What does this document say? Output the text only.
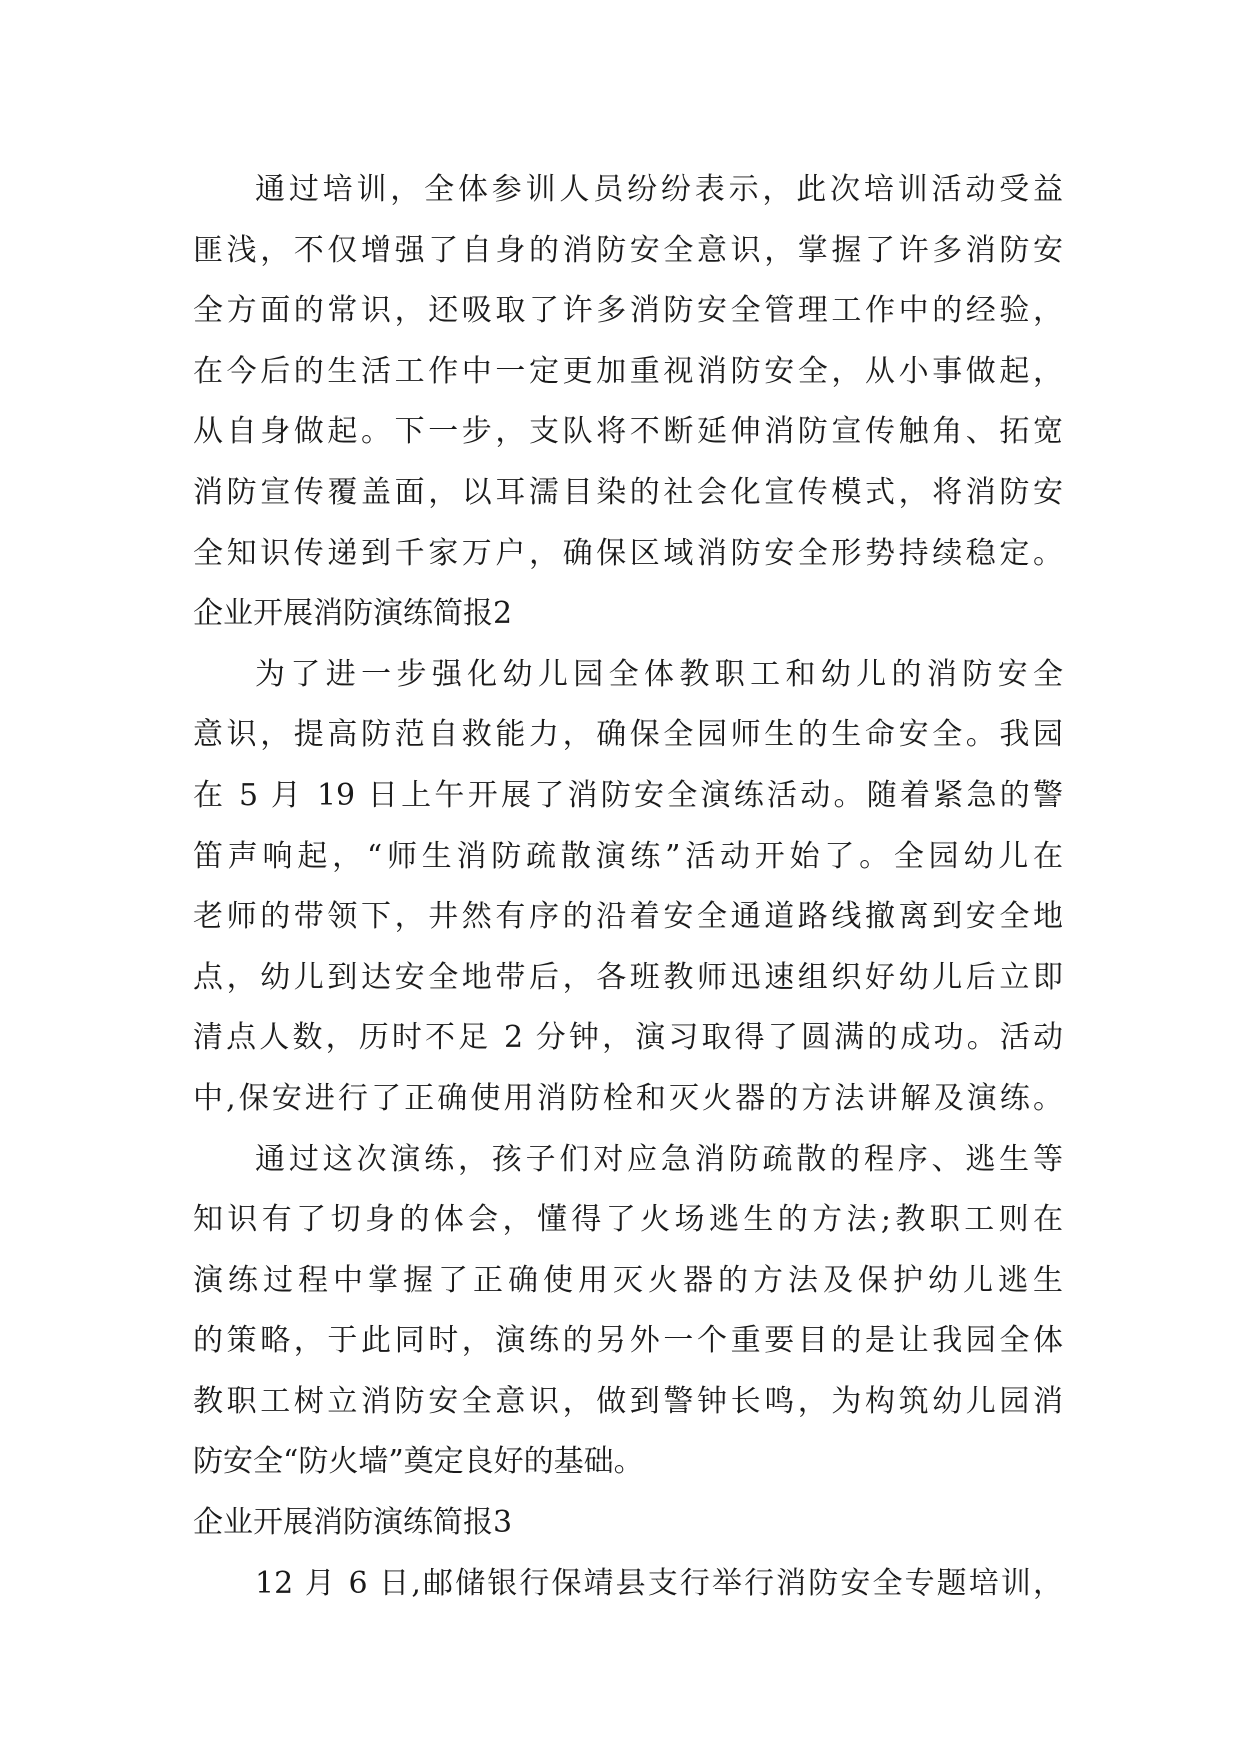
通过培训，全体参训人员纷纷表示，此次培训活动受益
匪浅，不仅增强了自身的消防安全意识，掌握了许多消防安
全方面的常识，还吸取了许多消防安全管理工作中的经验，
在今后的生活工作中一定更加重视消防安全，从小事做起，
从自身做起。下一步，支队将不断延伸消防宣传触角、拓宽
消防宣传覆盖面，以耳濡目染的社会化宣传模式，将消防安
全知识传递到千家万户，确保区域消防安全形势持续稳定。
企业开展消防演练简报2
为了进一步强化幼儿园全体教职工和幼儿的消防安全
意识，提高防范自救能力，确保全园师生的生命安全。我园
在 5 月 19 日上午开展了消防安全演练活动。随着紧急的警
笛声响起，“师生消防疏散演练”活动开始了。全园幼儿在
老师的带领下，井然有序的沿着安全通道路线撤离到安全地
点，幼儿到达安全地带后，各班教师迅速组织好幼儿后立即
清点人数，历时不足 2 分钟，演习取得了圆满的成功。活动
中,保安进行了正确使用消防栓和灭火器的方法讲解及演练。
通过这次演练，孩子们对应急消防疏散的程序、逃生等
知识有了切身的体会，懂得了火场逃生的方法;教职工则在
演练过程中掌握了正确使用灭火器的方法及保护幼儿逃生
的策略，于此同时，演练的另外一个重要目的是让我园全体
教职工树立消防安全意识，做到警钟长鸣，为构筑幼儿园消
防安全“防火墙”奠定良好的基础。
企业开展消防演练简报3
12 月 6 日,邮储银行保靖县支行举行消防安全专题培训，
